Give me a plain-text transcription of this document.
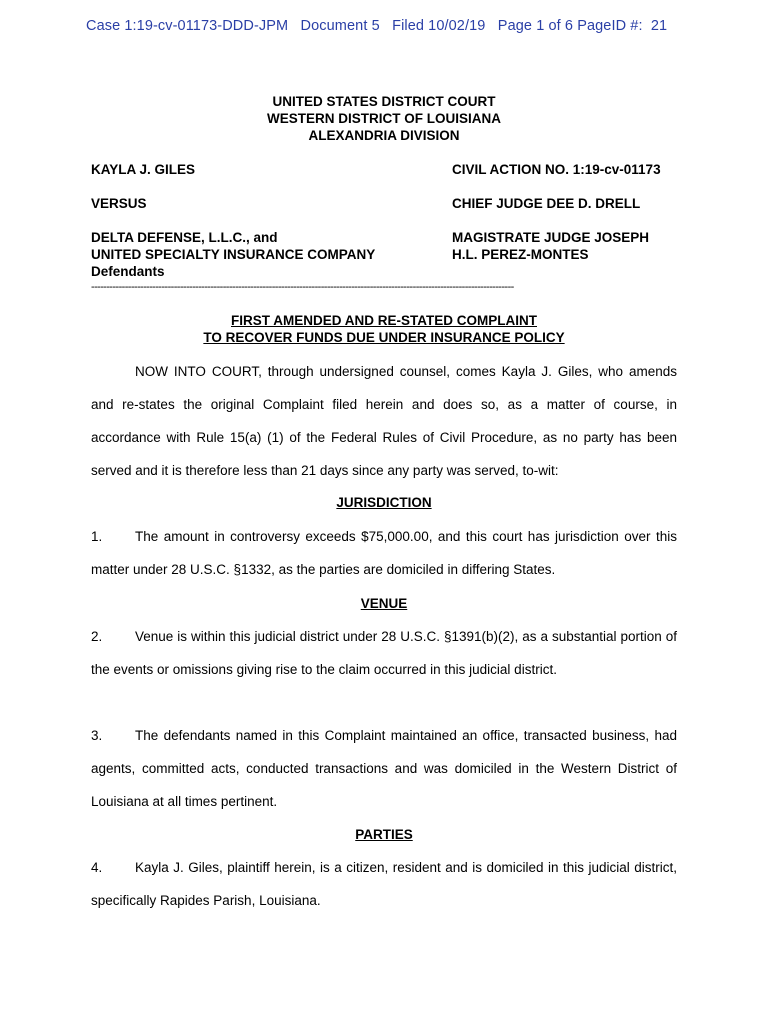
Case 1:19-cv-01173-DDD-JPM   Document 5   Filed 10/02/19   Page 1 of 6 PageID #:  21
UNITED STATES DISTRICT COURT
WESTERN DISTRICT OF LOUISIANA
ALEXANDRIA DIVISION
KAYLA J. GILES	CIVIL ACTION NO. 1:19-cv-01173
VERSUS	CHIEF JUDGE DEE D. DRELL
DELTA DEFENSE, L.L.C., and
UNITED SPECIALTY INSURANCE COMPANY
Defendants
MAGISTRATE JUDGE JOSEPH
H.L. PEREZ-MONTES
------------------------------------------------------------------------------------------------------------------------------------------
FIRST AMENDED AND RE-STATED COMPLAINT
TO RECOVER FUNDS DUE UNDER INSURANCE POLICY

NOW INTO COURT, through undersigned counsel, comes Kayla J. Giles, who amends and re-states the original Complaint filed herein and does so, as a matter of course, in accordance with Rule 15(a) (1) of the Federal Rules of Civil Procedure, as no party has been served and it is therefore less than 21 days since any party was served, to-wit:

JURISDICTION

1. The amount in controversy exceeds $75,000.00, and this court has jurisdiction over this matter under 28 U.S.C. §1332, as the parties are domiciled in differing States.

VENUE

2. Venue is within this judicial district under 28 U.S.C. §1391(b)(2), as a substantial portion of the events or omissions giving rise to the claim occurred in this judicial district.

3. The defendants named in this Complaint maintained an office, transacted business, had agents, committed acts, conducted transactions and was domiciled in the Western District of Louisiana at all times pertinent.

PARTIES

4. Kayla J. Giles, plaintiff herein, is a citizen, resident and is domiciled in this judicial district, specifically Rapides Parish, Louisiana.
